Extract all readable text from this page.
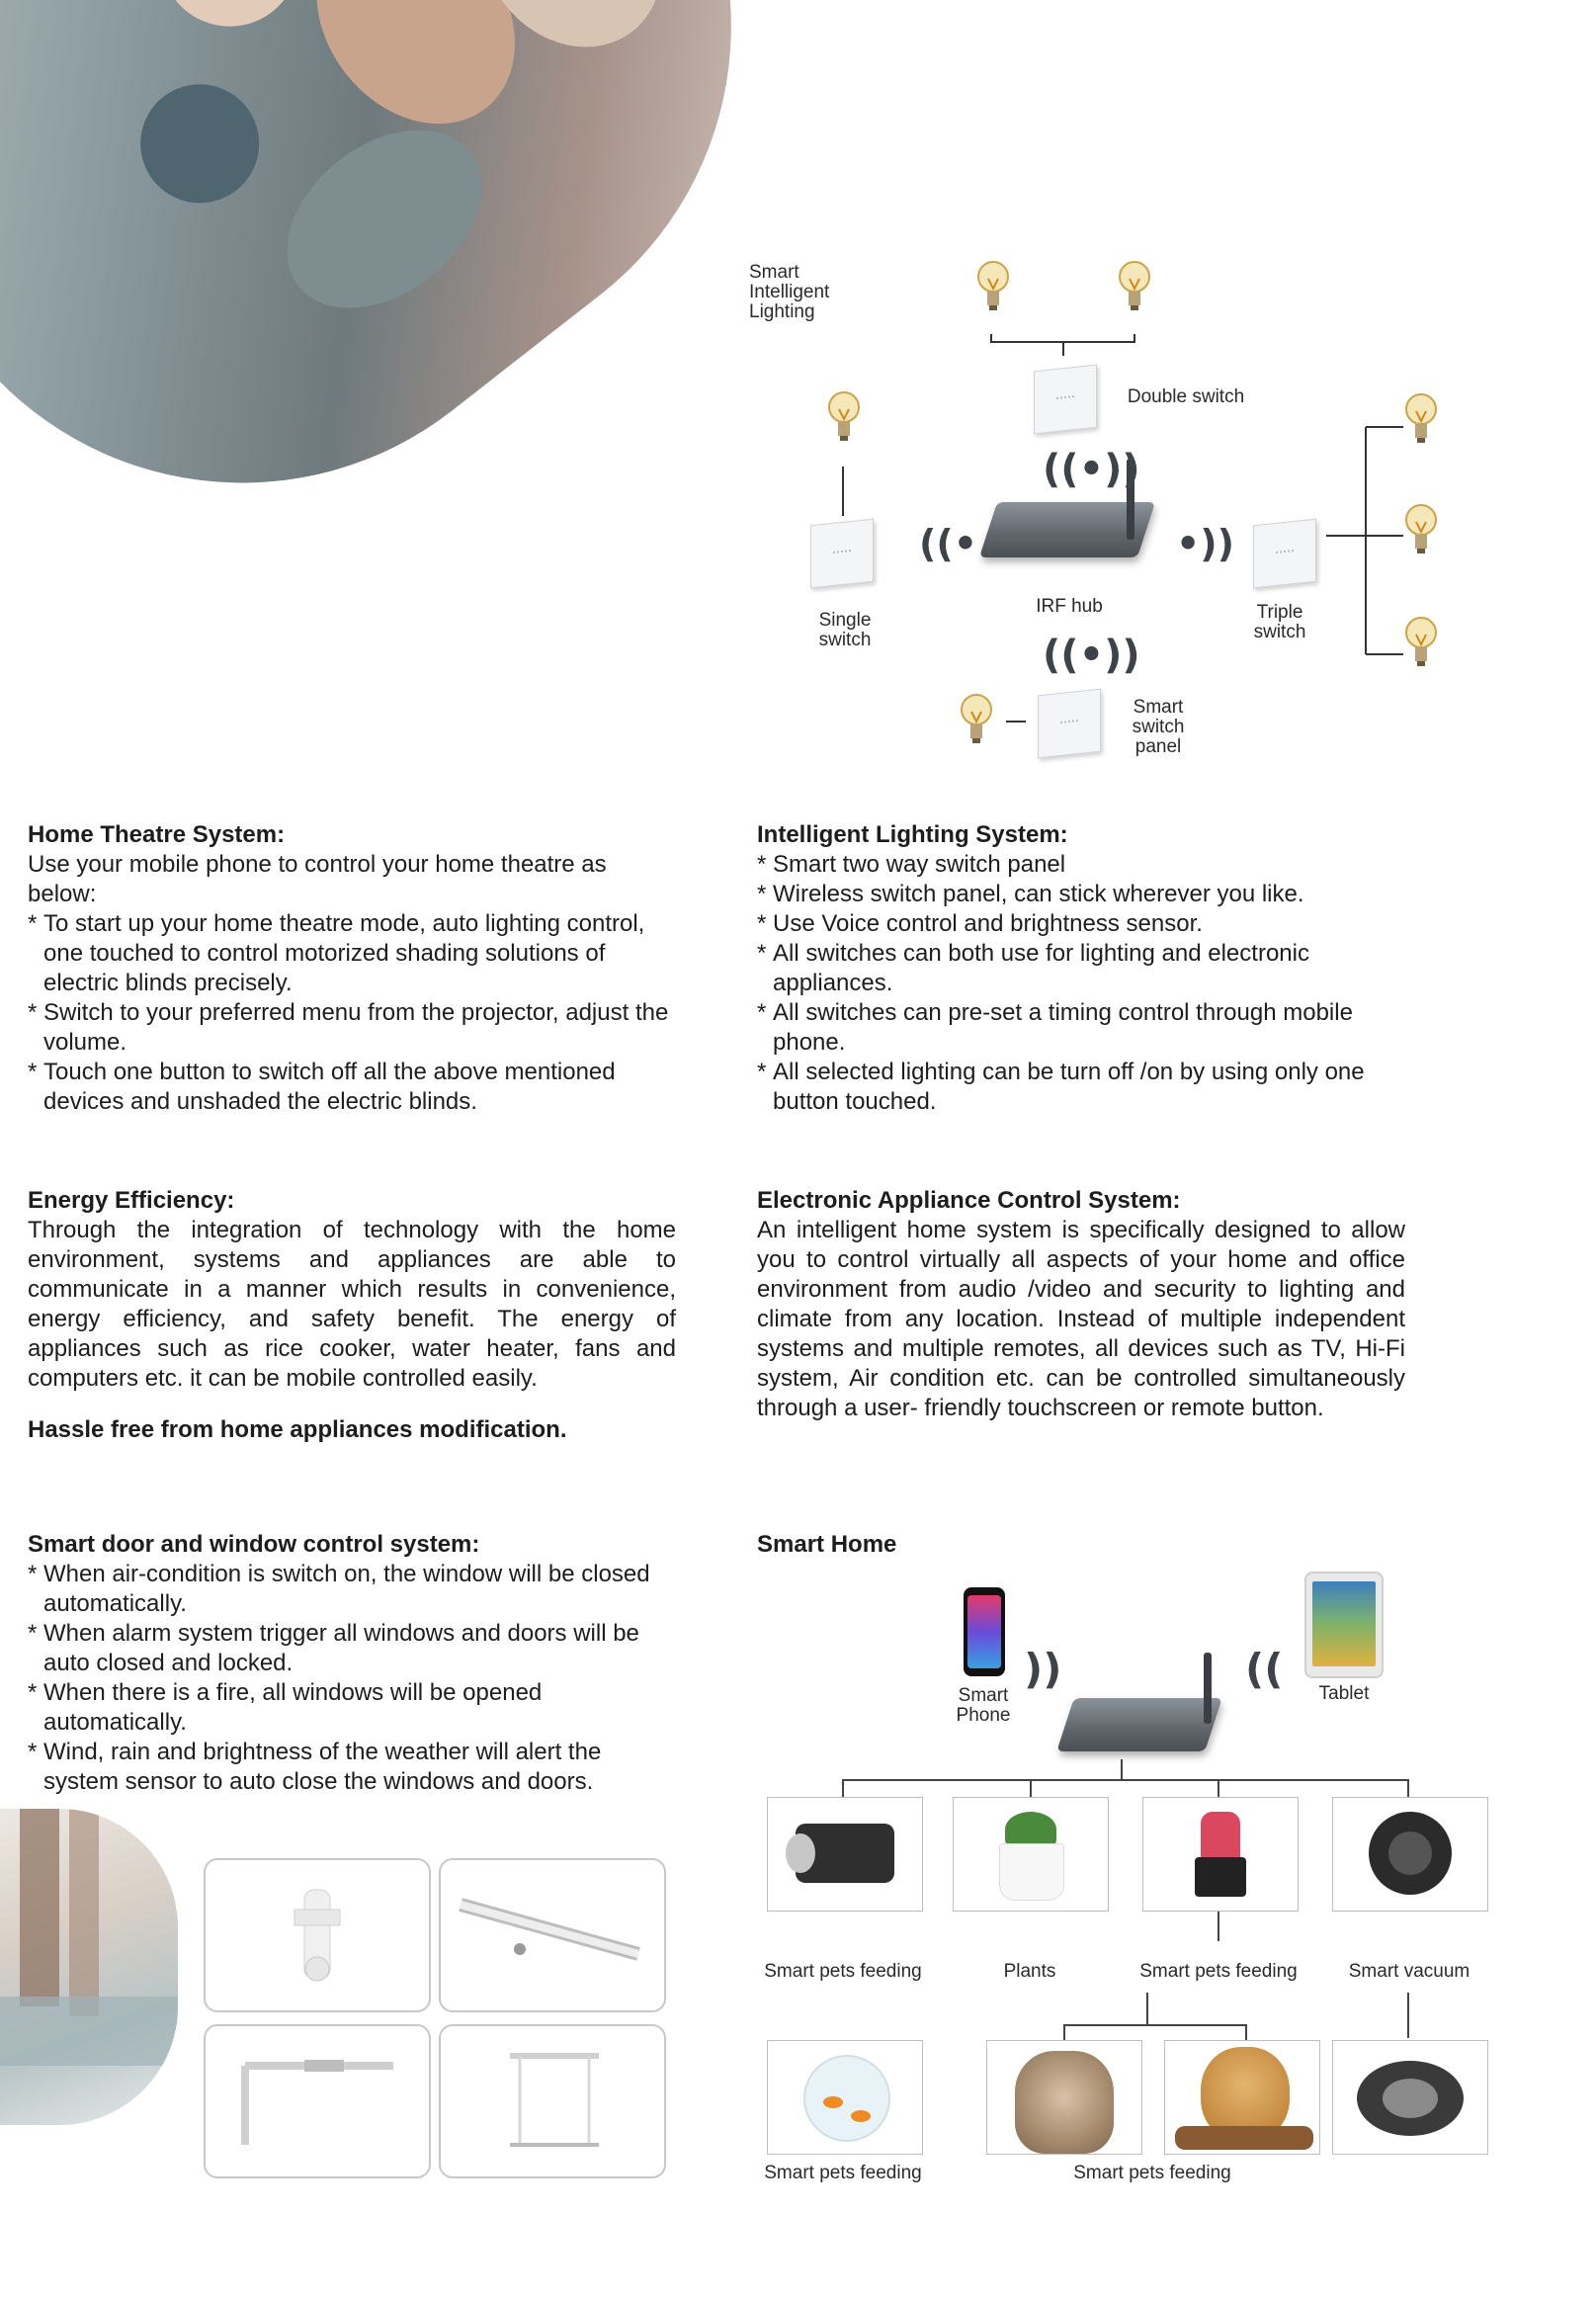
Smart Intelligent Lighting
((•))
((•	•))
((•))
Double switch
Single switch
IRF hub	Triple switch
Smart switch panel
Home Theatre System:

Use your mobile phone to control your home theatre as below:

* To start up your home theatre mode, auto lighting control, one touched to control motorized shading solutions of electric blinds precisely.
* Switch to your preferred menu from the projector, adjust the volume.
* Touch one button to switch off all the above mentioned devices and unshaded the electric blinds.
Intelligent Lighting System:
* Smart two way switch panel
* Wireless switch panel, can stick wherever you like.
* Use Voice control and brightness sensor.
* All switches can both use for lighting and electronic appliances.
* All switches can pre-set a timing control through mobile phone.
* All selected lighting can be turn off /on by using only one button touched.
Energy Efficiency:

Through the integration of technology with the home environment, systems and appliances are able to communicate in a manner which results in convenience, energy efficiency, and safety benefit. The energy of appliances such as rice cooker, water heater, fans and computers etc. it can be mobile controlled easily.

Hassle free from home appliances modification.

Electronic Appliance Control System:

An intelligent home system is specifically designed to allow you to control virtually all aspects of your home and office environment from audio /video and security to lighting and climate from any location. Instead of multiple independent systems and multiple remotes, all devices such as TV, Hi-Fi system, Air condition etc. can be controlled simultaneously through a user- friendly touchscreen or remote button.

Smart door and window control system:
* When air-condition is switch on, the window will be closed automatically.
* When alarm system trigger all windows and doors will be auto closed and locked.
* When there is a fire, all windows will be opened automatically.
* Wind, rain and brightness of the weather will alert the system sensor to auto close the windows and doors.
Smart Home
Smart Phone
))
Tablet
((
Smart pets feeding	Plants	Smart pets feeding	Smart vacuum
Smart pets feeding	Smart pets feeding
